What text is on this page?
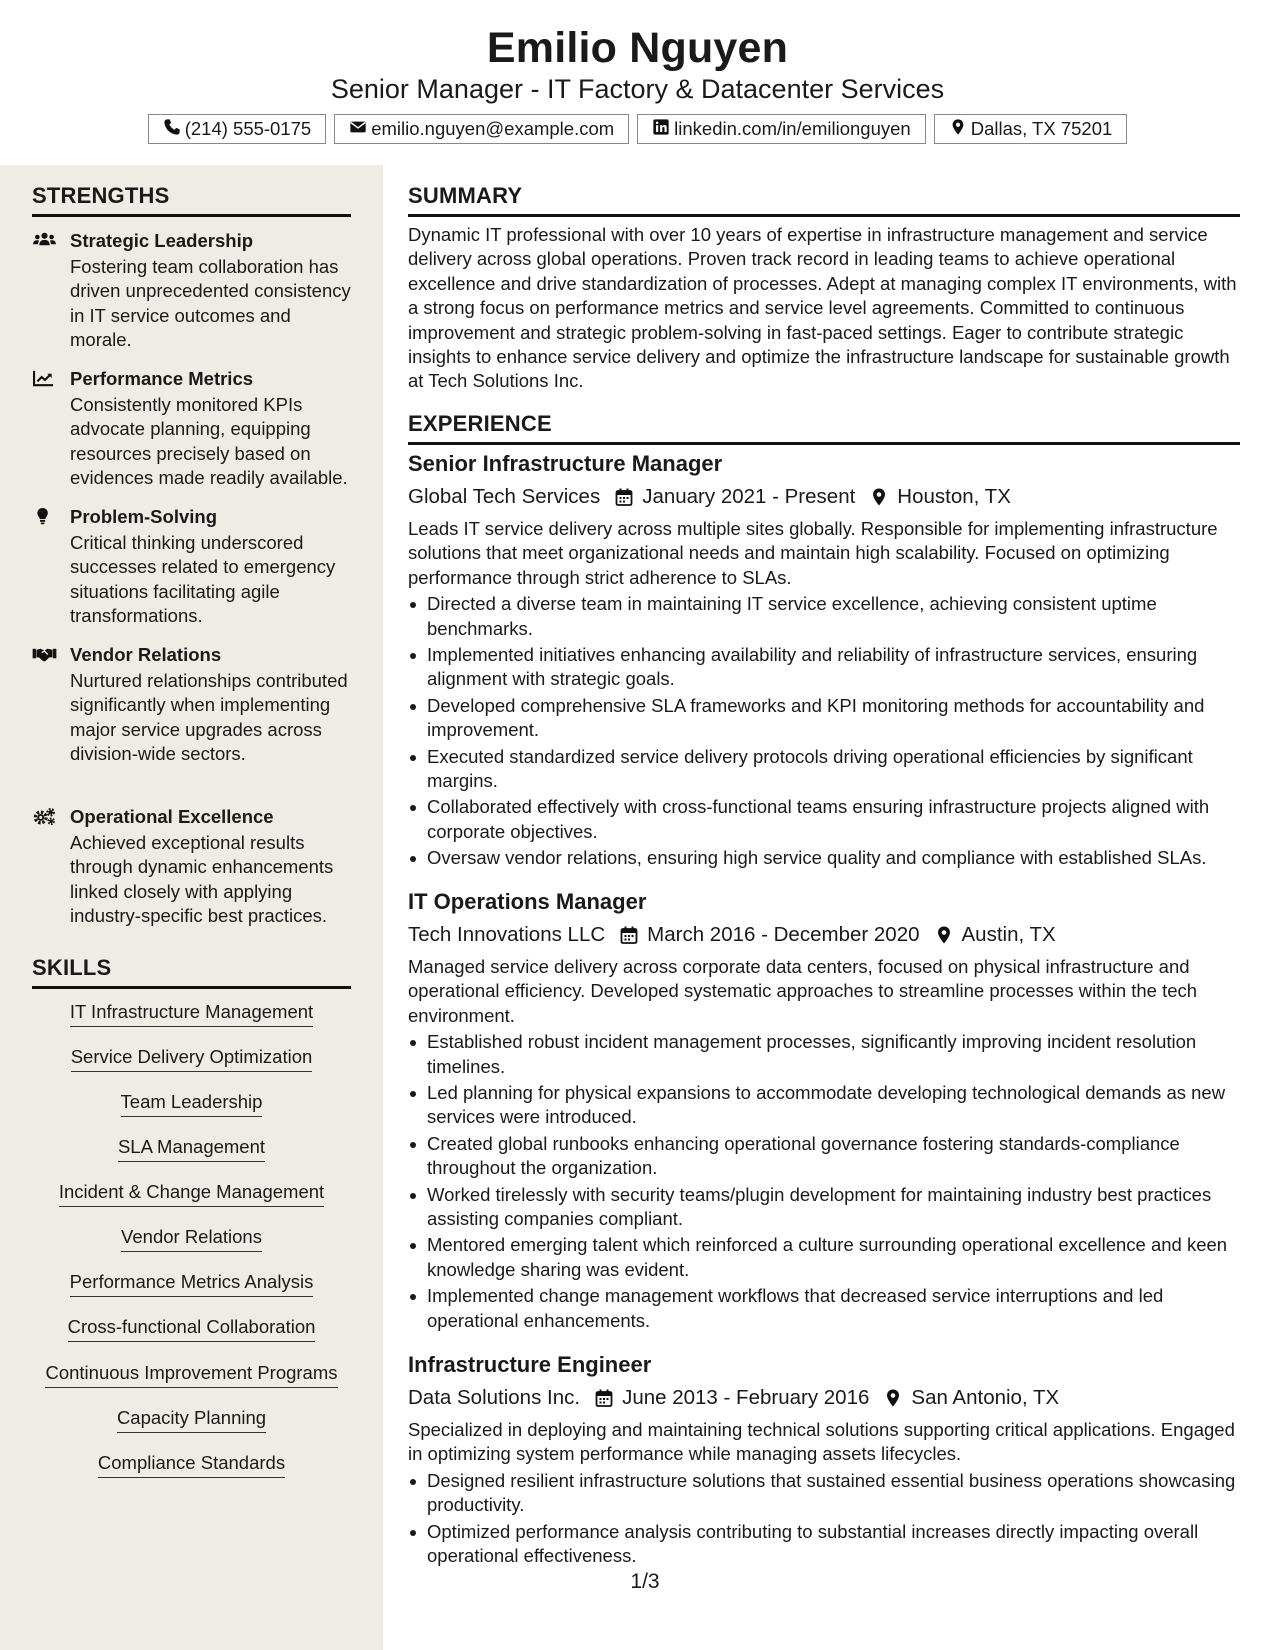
Emilio Nguyen
Senior Manager - IT Factory & Datacenter Services
(214) 555-0175	emilio.nguyen@example.com	linkedin.com/in/emilionguyen	Dallas, TX 75201
STRENGTHS
Strategic Leadership
Fostering team collaboration has driven unprecedented consistency in IT service outcomes and morale.
Performance Metrics
Consistently monitored KPIs advocate planning, equipping resources precisely based on evidences made readily available.
Problem-Solving
Critical thinking underscored successes related to emergency situations facilitating agile transformations.
Vendor Relations
Nurtured relationships contributed significantly when implementing major service upgrades across division-wide sectors.
Operational Excellence
Achieved exceptional results through dynamic enhancements linked closely with applying industry-specific best practices.
SKILLS
IT Infrastructure Management
Service Delivery Optimization
Team Leadership
SLA Management
Incident & Change Management
Vendor Relations
Performance Metrics Analysis
Cross-functional Collaboration
Continuous Improvement Programs
Capacity Planning
Compliance Standards
SUMMARY
Dynamic IT professional with over 10 years of expertise in infrastructure management and service delivery across global operations. Proven track record in leading teams to achieve operational excellence and drive standardization of processes. Adept at managing complex IT environments, with a strong focus on performance metrics and service level agreements. Committed to continuous improvement and strategic problem-solving in fast-paced settings. Eager to contribute strategic insights to enhance service delivery and optimize the infrastructure landscape for sustainable growth at Tech Solutions Inc.
EXPERIENCE
Senior Infrastructure Manager
Global Tech Services January 2021 - Present Houston, TX
Leads IT service delivery across multiple sites globally. Responsible for implementing infrastructure solutions that meet organizational needs and maintain high scalability. Focused on optimizing performance through strict adherence to SLAs.
Directed a diverse team in maintaining IT service excellence, achieving consistent uptime benchmarks.
Implemented initiatives enhancing availability and reliability of infrastructure services, ensuring alignment with strategic goals.
Developed comprehensive SLA frameworks and KPI monitoring methods for accountability and improvement.
Executed standardized service delivery protocols driving operational efficiencies by significant margins.
Collaborated effectively with cross-functional teams ensuring infrastructure projects aligned with corporate objectives.
Oversaw vendor relations, ensuring high service quality and compliance with established SLAs.
IT Operations Manager
Tech Innovations LLC March 2016 - December 2020 Austin, TX
Managed service delivery across corporate data centers, focused on physical infrastructure and operational efficiency. Developed systematic approaches to streamline processes within the tech environment.
Established robust incident management processes, significantly improving incident resolution timelines.
Led planning for physical expansions to accommodate developing technological demands as new services were introduced.
Created global runbooks enhancing operational governance fostering standards-compliance throughout the organization.
Worked tirelessly with security teams/plugin development for maintaining industry best practices assisting companies compliant.
Mentored emerging talent which reinforced a culture surrounding operational excellence and keen knowledge sharing was evident.
Implemented change management workflows that decreased service interruptions and led operational enhancements.
Infrastructure Engineer
Data Solutions Inc. June 2013 - February 2016 San Antonio, TX
Specialized in deploying and maintaining technical solutions supporting critical applications. Engaged in optimizing system performance while managing assets lifecycles.
Designed resilient infrastructure solutions that sustained essential business operations showcasing productivity.
Optimized performance analysis contributing to substantial increases directly impacting overall operational effectiveness.
1/3
